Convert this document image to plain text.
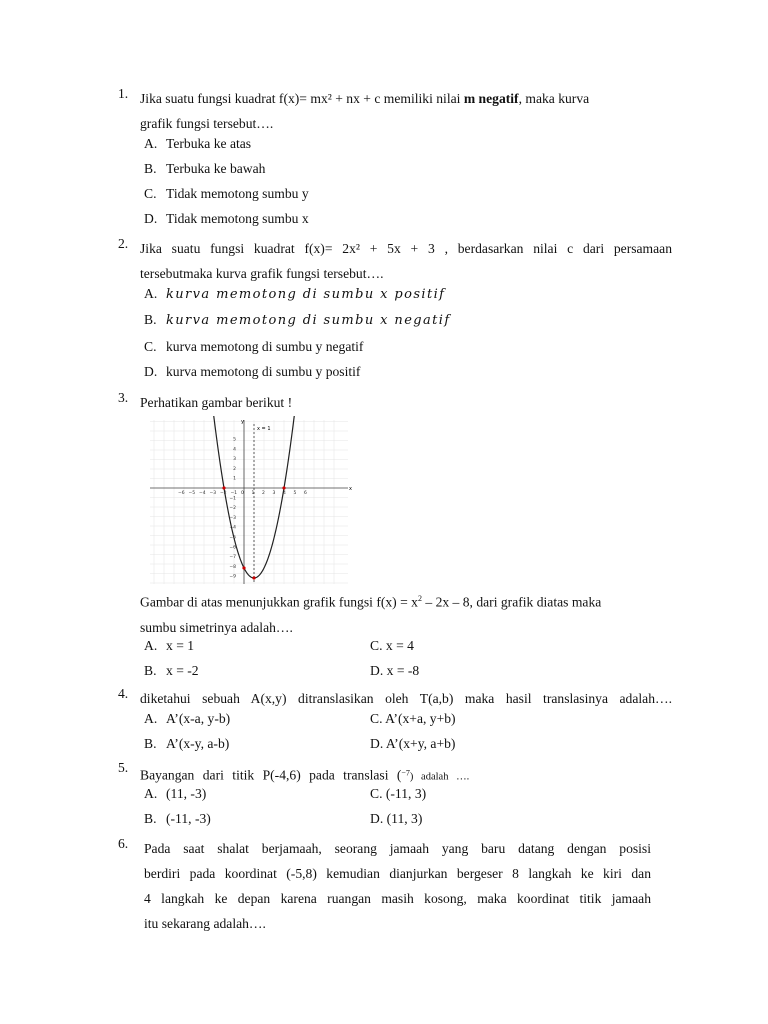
1. Jika suatu fungsi kuadrat f(x)= mx² + nx + c memiliki nilai m negatif, maka kurva
grafik fungsi tersebut….
A. Terbuka ke atas
B. Terbuka ke bawah
C. Tidak memotong sumbu y
D. Tidak memotong sumbu x
2. Jika suatu fungsi kuadrat f(x)= 2x² + 5x + 3 , berdasarkan nilai c dari persamaan
tersebutmaka kurva grafik fungsi tersebut….
A. kurva memotong di sumbu x positif
B. kurva memotong di sumbu x negatif
C. kurva memotong di sumbu y negatif
D. kurva memotong di sumbu y positif
3. Perhatikan gambar berikut !
x
y
x = 1
−6 −5 −4 −3 −2 −1 0 1 2 3 4 5 6
5
4
3
2
1
−1
−2
−3
−4
−5
−6
−7
−8
−9
Gambar di atas menunjukkan grafik fungsi $f(x) = x^2 - 2x - 8$, dari grafik diatas maka
sumbu simetrinya adalah….
A. x = 1	C. x = 4
B. x = -2	D. x = -8
4. diketahui sebuah A(x,y) ditranslasikan oleh T(a,b) maka hasil translasinya adalah….
A. A’(x-a, y-b)	C. A’(x+a, y+b)
B. A’(x-y, a-b)	D. A’(x+y, a+b)
5. Bayangan dari titik P(-4,6) pada translasi ($^{-7}$) adalah ….
A. (11, -3)	C. (-11, 3)
B. (-11, -3)	D. (11, 3)
6.	Pada saat shalat berjamaah, seorang jamaah yang baru datang dengan posisi
berdiri pada koordinat (-5,8) kemudian dianjurkan bergeser 8 langkah ke kiri dan
4 langkah ke depan karena ruangan masih kosong, maka koordinat titik jamaah
itu sekarang adalah….
